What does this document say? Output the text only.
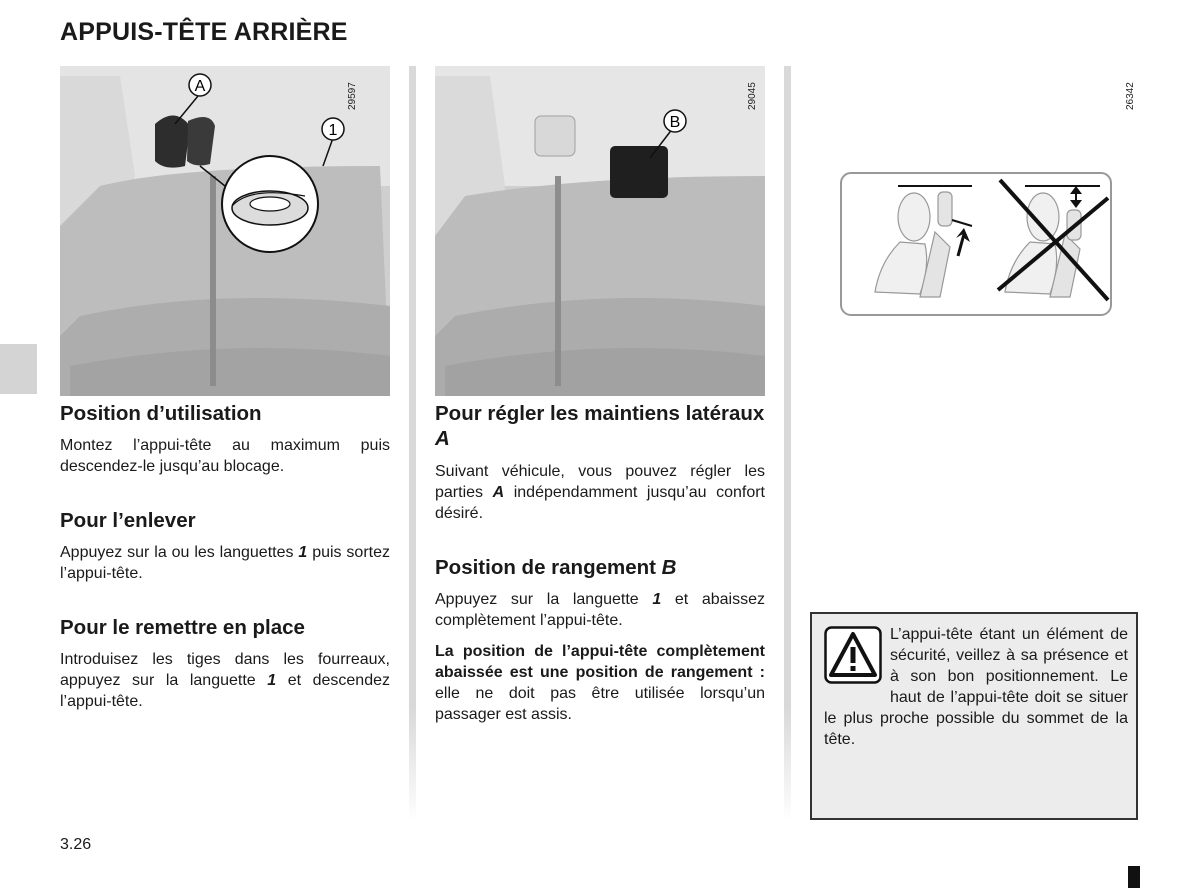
APPUIS-TÊTE ARRIÈRE
1
A	29597
B
29045	26342
Position d’utilisation

Montez l’appui-tête au maximum puis descendez-le jusqu’au blocage.

Pour l’enlever

Appuyez sur la ou les languettes 1 puis sortez l’appui-tête.

Pour le remettre en place

Introduisez les tiges dans les fourreaux, appuyez sur la languette 1 et descendez l’appui-tête.

Pour régler les maintiens latéraux A

Suivant véhicule, vous pouvez régler les parties A indépendamment jusqu’au confort désiré.

Position de rangement B

Appuyez sur la languette 1 et abaissez complètement l’appui-tête.

La position de l’appui-tête complètement abaissée est une position de rangement : elle ne doit pas être utilisée lorsqu’un passager est assis.

L’appui-tête étant un élément de sécurité, veillez à sa présence et à son bon positionnement. Le haut de l’appui-tête doit se situer le plus proche possible du sommet de la tête.

3.26
